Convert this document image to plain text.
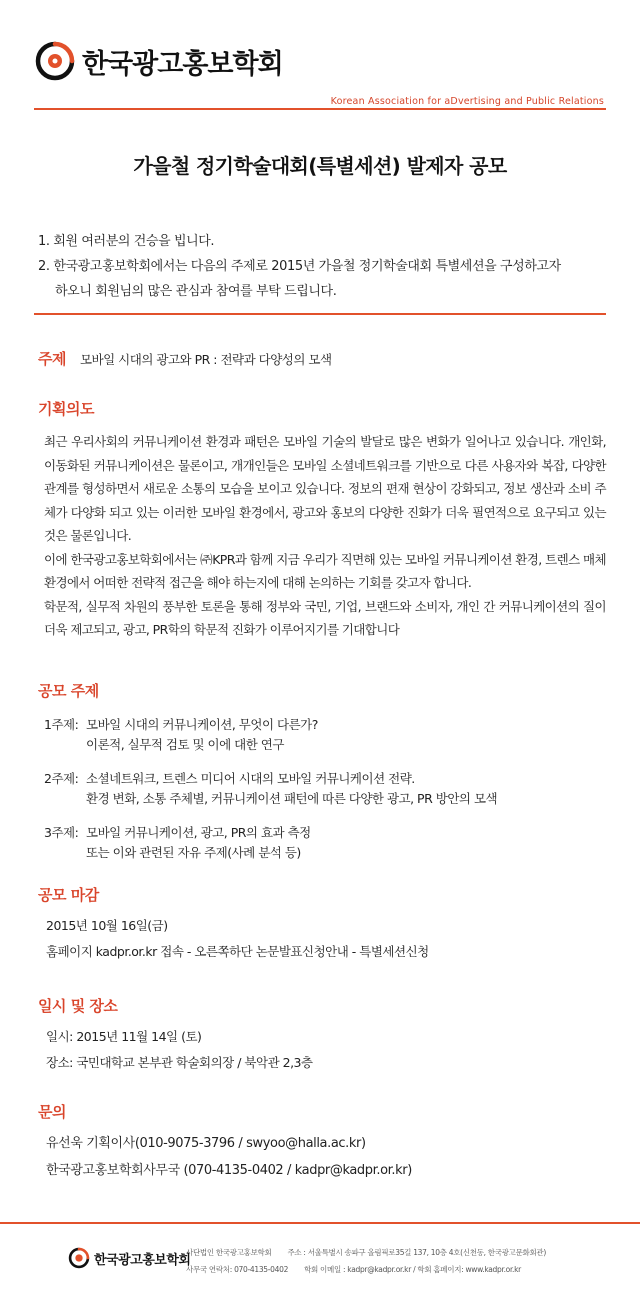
한국광고홍보학회
Korean Association for aDvertising and Public Relations
가을철 정기학술대회(특별세션) 발제자 공모

1. 회원 여러분의 건승을 빕니다.

2. 한국광고홍보학회에서는 다음의 주제로 2015년 가을철 정기학술대회 특별세션을 구성하고자

하오니 회원님의 많은 관심과 참여를 부탁 드립니다.

주제 모바일 시대의 광고와 PR : 전략과 다양성의 모색
기획의도

최근 우리사회의 커뮤니케이션 환경과 패턴은 모바일 기술의 발달로 많은 변화가 일어나고 있습니다. 개인화, 이동화된 커뮤니케이션은 물론이고, 개개인들은 모바일 소셜네트워크를 기반으로 다른 사용자와 복잡, 다양한 관계를 형성하면서 새로운 소통의 모습을 보이고 있습니다. 정보의 편재 현상이 강화되고, 정보 생산과 소비 주체가 다양화 되고 있는 이러한 모바일 환경에서, 광고와 홍보의 다양한 진화가 더욱 필연적으로 요구되고 있는 것은 물론입니다.

이에 한국광고홍보학회에서는 ㈜KPR과 함께 지금 우리가 직면해 있는 모바일 커뮤니케이션 환경, 트렌스 매체 환경에서 어떠한 전략적 접근을 해야 하는지에 대해 논의하는 기회를 갖고자 합니다.

학문적, 실무적 차원의 풍부한 토론을 통해 정부와 국민, 기업, 브랜드와 소비자, 개인 간 커뮤니케이션의 질이 더욱 제고되고, 광고, PR학의 학문적 진화가 이루어지기를 기대합니다

공모 주제
1주제: 모바일 시대의 커뮤니케이션, 무엇이 다른가?
이론적, 실무적 검토 및 이에 대한 연구
2주제: 소셜네트워크, 트렌스 미디어 시대의 모바일 커뮤니케이션 전략.
환경 변화, 소통 주체별, 커뮤니케이션 패턴에 따른 다양한 광고, PR 방안의 모색
3주제: 모바일 커뮤니케이션, 광고, PR의 효과 측정
또는 이와 관련된 자유 주제(사례 분석 등)
공모 마감

2015년 10월 16일(금)

홈페이지 kadpr.or.kr 접속 - 오른쪽하단 논문발표신청안내 - 특별세션신청

일시 및 장소

일시: 2015년 11월 14일 (토)

장소: 국민대학교 본부관 학술회의장 / 북악관 2,3층

문의

유선욱 기획이사(010-9075-3796 / swyoo@halla.ac.kr)

한국광고홍보학회사무국 (070-4135-0402 / kadpr@kadpr.or.kr)

한국광고홍보학회
사단법인 한국광고홍보학회 주소 : 서울특별시 송파구 올림픽로35길 137, 10층 4호(신천동, 한국광고문화회관)
사무국 연락처: 070-4135-0402 학회 이메일 : kadpr@kadpr.or.kr / 학회 홈페이지: www.kadpr.or.kr
